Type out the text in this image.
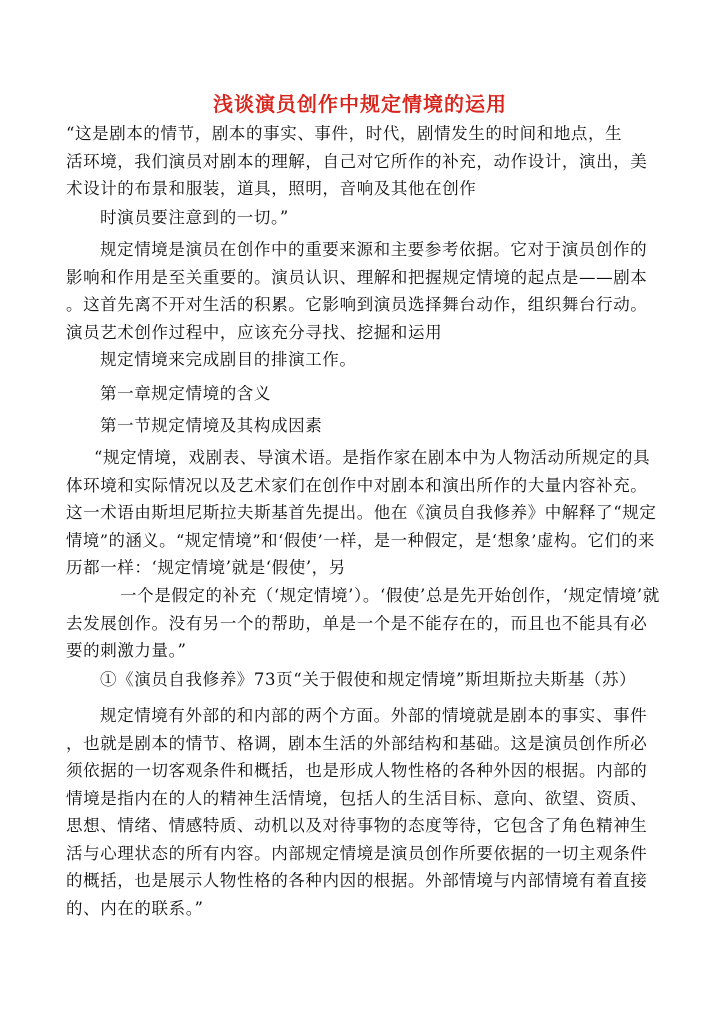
浅谈演员创作中规定情境的运用
“这是剧本的情节，剧本的事实、事件，时代，剧情发生的时间和地点，生
活环境，我们演员对剧本的理解，自己对它所作的补充，动作设计，演出，美
术设计的布景和服装，道具，照明，音响及其他在创作
时演员要注意到的一切。”
规定情境是演员在创作中的重要来源和主要参考依据。它对于演员创作的
影响和作用是至关重要的。演员认识、理解和把握规定情境的起点是——剧本
。这首先离不开对生活的积累。它影响到演员选择舞台动作，组织舞台行动。
演员艺术创作过程中，应该充分寻找、挖掘和运用
规定情境来完成剧目的排演工作。
第一章规定情境的含义
第一节规定情境及其构成因素
“规定情境，戏剧表、导演术语。是指作家在剧本中为人物活动所规定的具
体环境和实际情况以及艺术家们在创作中对剧本和演出所作的大量内容补充。
这一术语由斯坦尼斯拉夫斯基首先提出。他在《演员自我修养》中解释了“规定
情境”的涵义。“规定情境”和‘假使’一样，是一种假定，是‘想象’虚构。它们的来
历都一样：‘规定情境’就是‘假使’，另
一个是假定的补充（‘规定情境’）。‘假使’总是先开始创作，‘规定情境’就
去发展创作。没有另一个的帮助，单是一个是不能存在的，而且也不能具有必
要的刺激力量。”
①《演员自我修养》73页“关于假使和规定情境”斯坦斯拉夫斯基（苏）
规定情境有外部的和内部的两个方面。外部的情境就是剧本的事实、事件
，也就是剧本的情节、格调，剧本生活的外部结构和基础。这是演员创作所必
须依据的一切客观条件和概括，也是形成人物性格的各种外因的根据。内部的
情境是指内在的人的精神生活情境，包括人的生活目标、意向、欲望、资质、
思想、情绪、情感特质、动机以及对待事物的态度等待，它包含了角色精神生
活与心理状态的所有内容。内部规定情境是演员创作所要依据的一切主观条件
的概括，也是展示人物性格的各种内因的根据。外部情境与内部情境有着直接
的、内在的联系。”
